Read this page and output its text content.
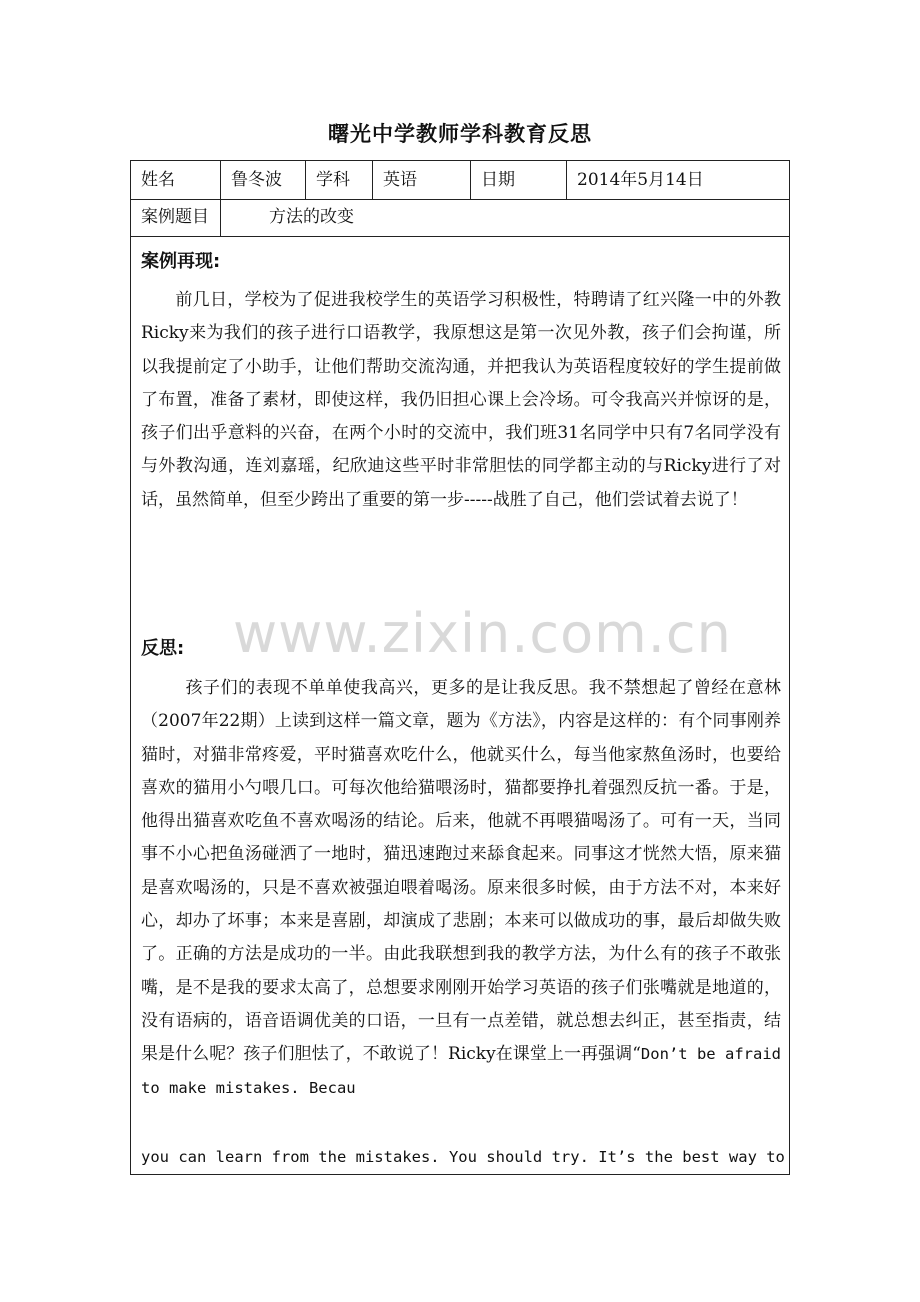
曙光中学教师学科教育反思
姓名	鲁冬波	学科	英语	日期	2014年5月14日
案例题目	方法的改变
案例再现:
前几日，学校为了促进我校学生的英语学习积极性，特聘请了红兴隆一中的外教Ricky来为我们的孩子进行口语教学，我原想这是第一次见外教，孩子们会拘谨，所以我提前定了小助手，让他们帮助交流沟通，并把我认为英语程度较好的学生提前做了布置，准备了素材，即使这样，我仍旧担心课上会冷场。可令我高兴并惊讶的是，孩子们出乎意料的兴奋，在两个小时的交流中，我们班31名同学中只有7名同学没有与外教沟通，连刘嘉瑶，纪欣迪这些平时非常胆怯的同学都主动的与Ricky进行了对话，虽然简单，但至少跨出了重要的第一步-----战胜了自己，他们尝试着去说了！
反思:
孩子们的表现不单单使我高兴，更多的是让我反思。我不禁想起了曾经在意林（2007年22期）上读到这样一篇文章，题为《方法》，内容是这样的：有个同事刚养猫时，对猫非常疼爱，平时猫喜欢吃什么，他就买什么，每当他家熬鱼汤时，也要给喜欢的猫用小勺喂几口。可每次他给猫喂汤时，猫都要挣扎着强烈反抗一番。于是，他得出猫喜欢吃鱼不喜欢喝汤的结论。后来，他就不再喂猫喝汤了。可有一天，当同事不小心把鱼汤碰洒了一地时，猫迅速跑过来舔食起来。同事这才恍然大悟，原来猫是喜欢喝汤的，只是不喜欢被强迫喂着喝汤。原来很多时候，由于方法不对，本来好心，却办了坏事；本来是喜剧，却演成了悲剧；本来可以做成功的事，最后却做失败了。正确的方法是成功的一半。由此我联想到我的教学方法，为什么有的孩子不敢张嘴，是不是我的要求太高了，总想要求刚刚开始学习英语的孩子们张嘴就是地道的，没有语病的，语音语调优美的口语，一旦有一点差错，就总想去纠正，甚至指责，结果是什么呢？孩子们胆怯了，不敢说了！Ricky在课堂上一再强调“Don’t be afraid to make mistakes. Becau
you can learn from the mistakes. You should try. It’s the best way to
www.zixin.com.cn
